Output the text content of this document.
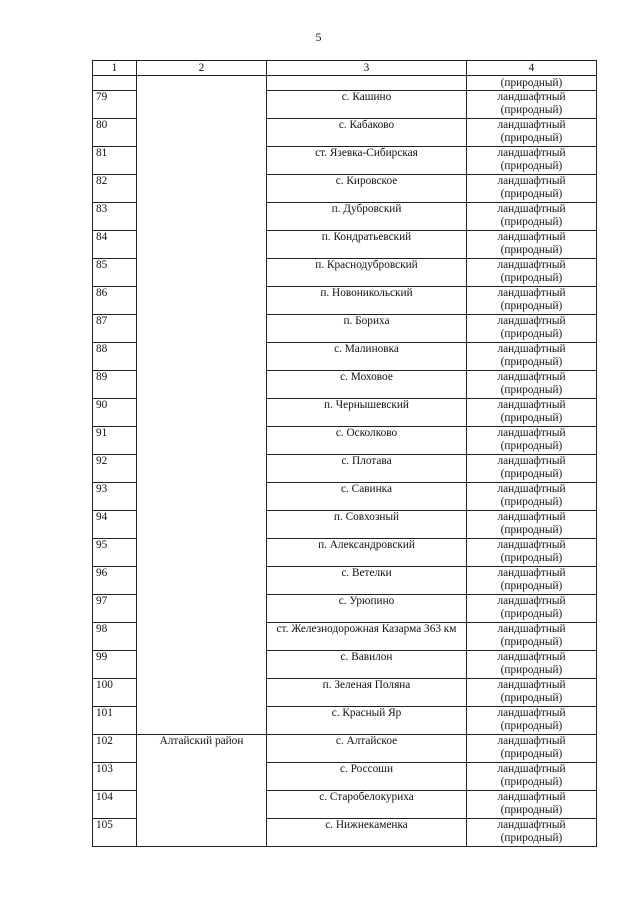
5
1	2	3	4
			(природный)
79		с. Кашино	ландшафтный (природный)
80		с. Кабаково	ландшафтный (природный)
81		ст. Язевка-Сибирская	ландшафтный (природный)
82		с. Кировское	ландшафтный (природный)
83		п. Дубровский	ландшафтный (природный)
84		п. Кондратьевский	ландшафтный (природный)
85		п. Краснодубровский	ландшафтный (природный)
86		п. Новоникольский	ландшафтный (природный)
87		п. Бориха	ландшафтный (природный)
88		с. Малиновка	ландшафтный (природный)
89		с. Моховое	ландшафтный (природный)
90		п. Чернышевский	ландшафтный (природный)
91		с. Осколково	ландшафтный (природный)
92		с. Плотава	ландшафтный (природный)
93		с. Савинка	ландшафтный (природный)
94		п. Совхозный	ландшафтный (природный)
95		п. Александровский	ландшафтный (природный)
96		с. Ветелки	ландшафтный (природный)
97		с. Урюпино	ландшафтный (природный)
98		ст. Железнодорожная Казарма 363 км	ландшафтный (природный)
99		с. Вавилон	ландшафтный (природный)
100		п. Зеленая Поляна	ландшафтный (природный)
101		с. Красный Яр	ландшафтный (природный)
102	Алтайский район	с. Алтайское	ландшафтный (природный)
103		с. Россоши	ландшафтный (природный)
104		с. Старобелокуриха	ландшафтный (природный)
105		с. Нижнекаменка	ландшафтный (природный)
